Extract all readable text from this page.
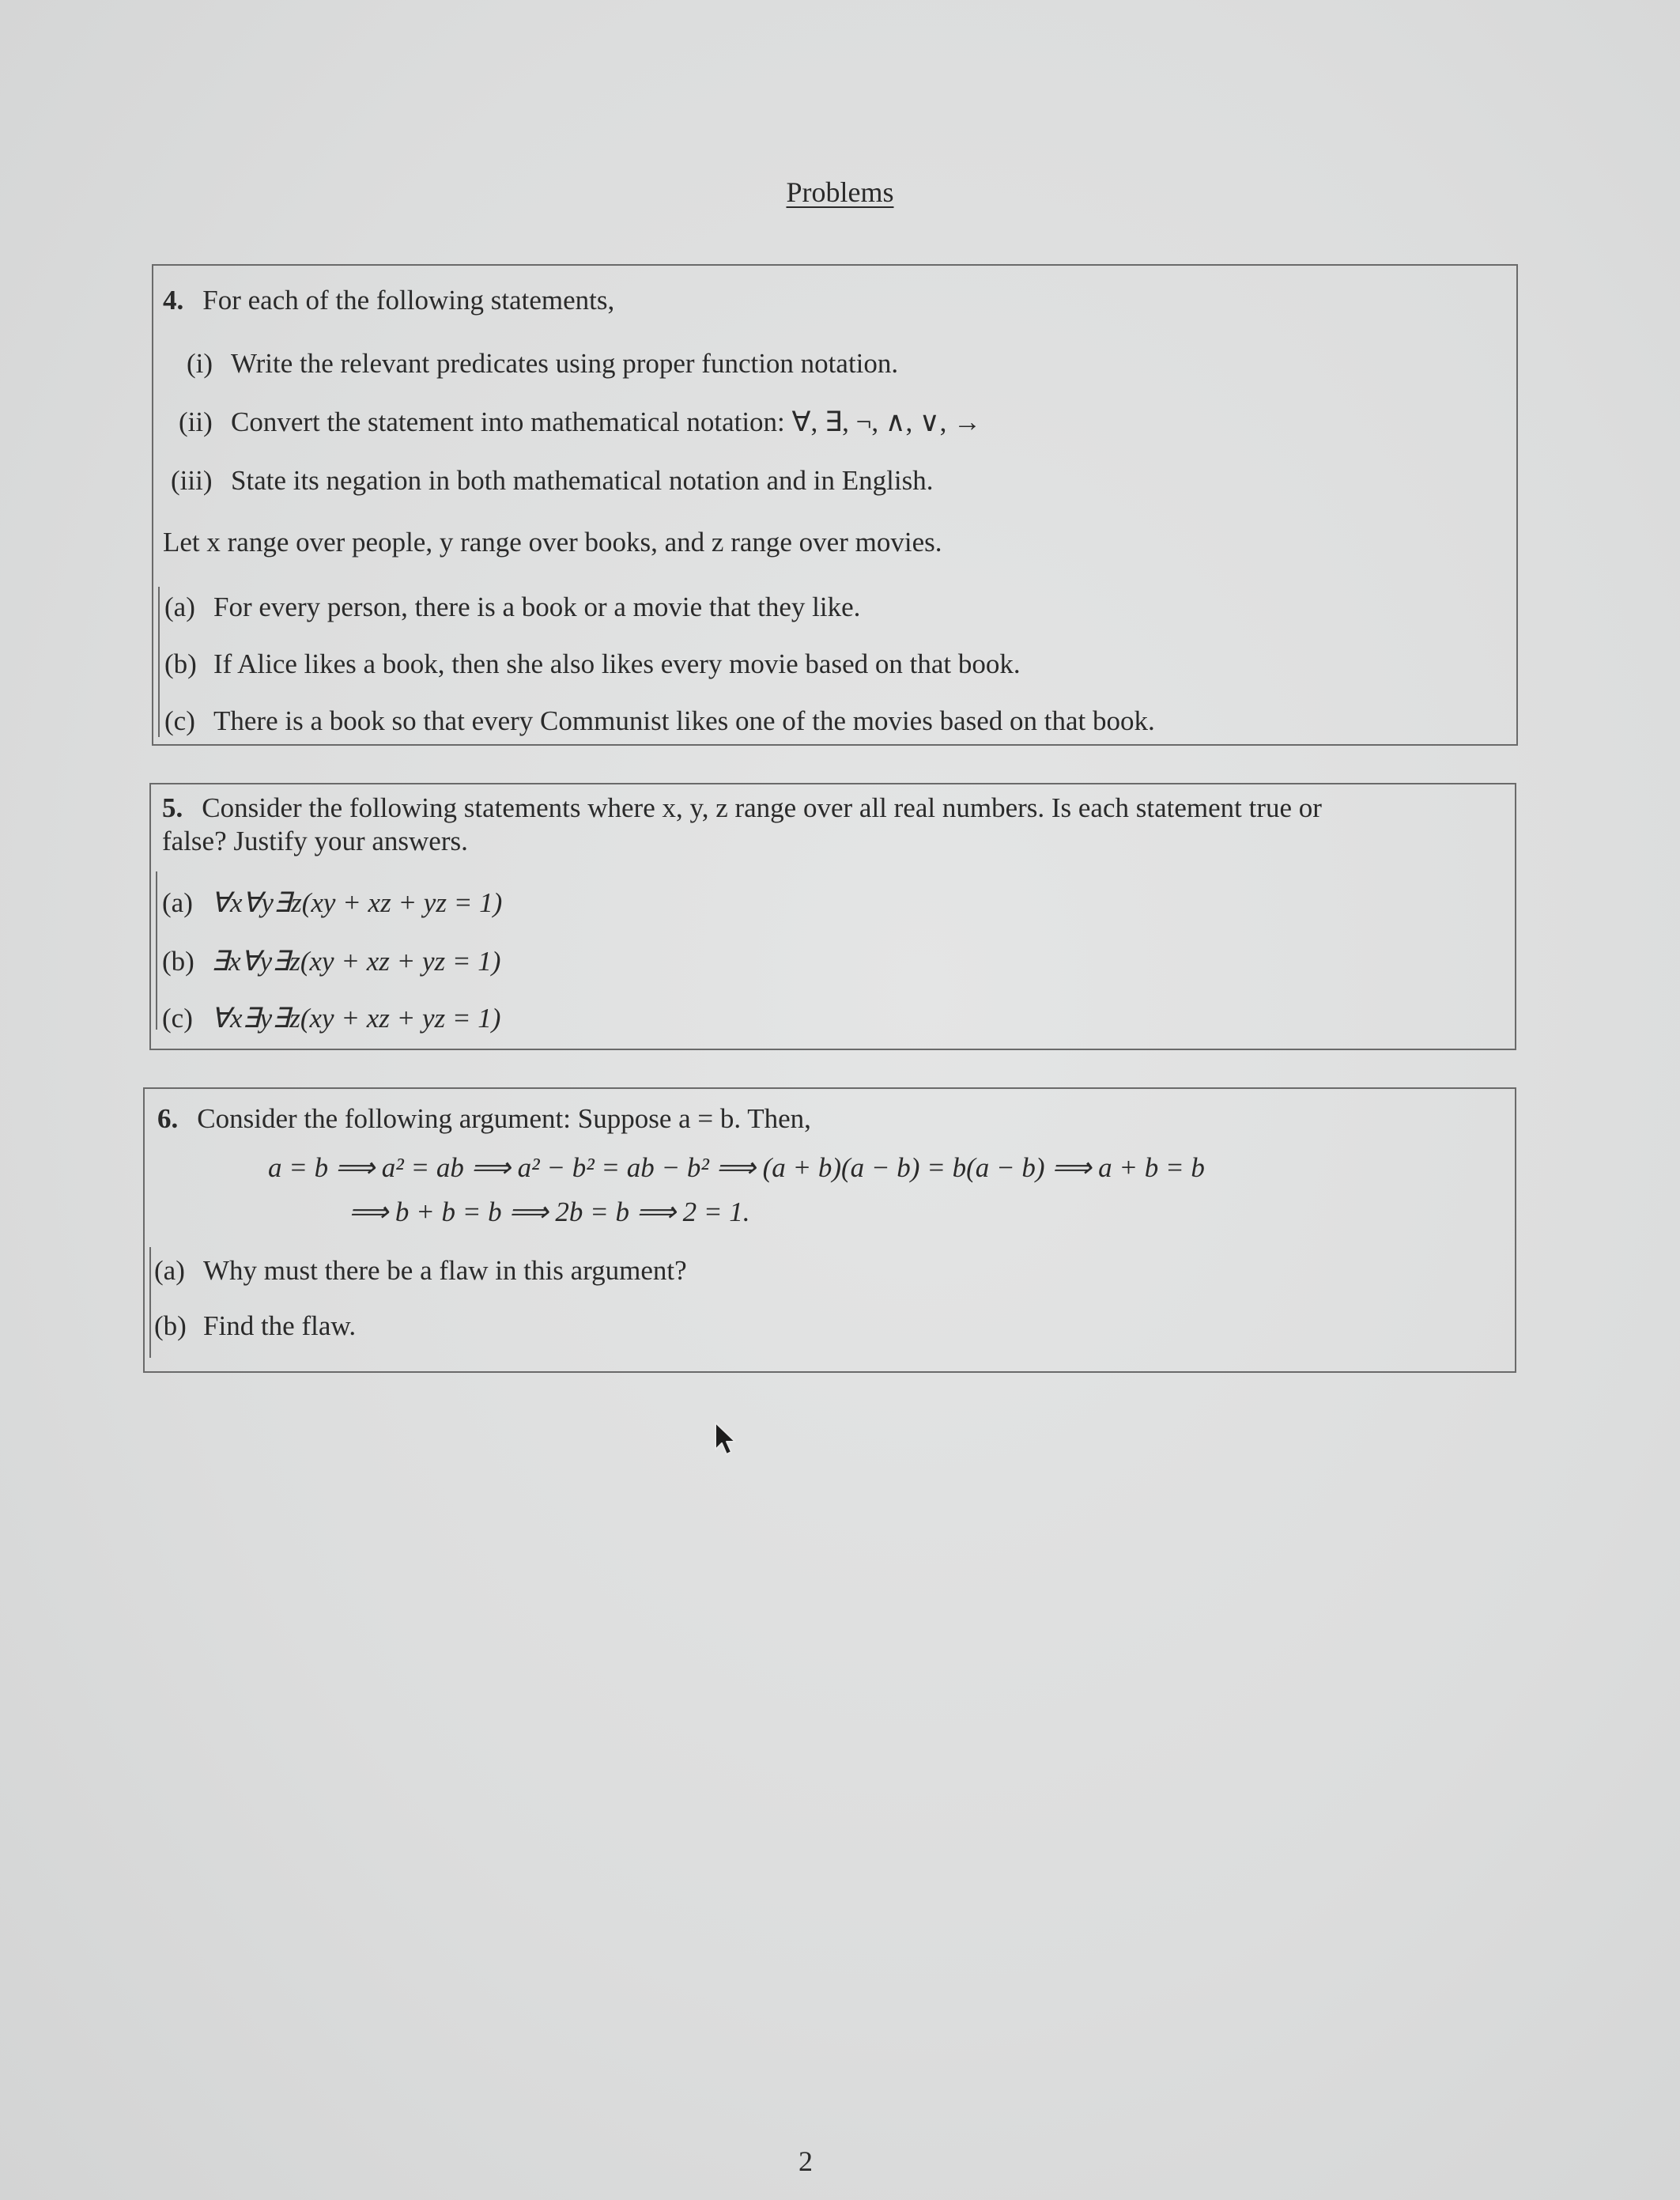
Problems
4. For each of the following statements,
(i) Write the relevant predicates using proper function notation.
(ii) Convert the statement into mathematical notation: ∀, ∃, ¬, ∧, ∨, →
(iii) State its negation in both mathematical notation and in English.
Let x range over people, y range over books, and z range over movies.
(a) For every person, there is a book or a movie that they like.
(b) If Alice likes a book, then she also likes every movie based on that book.
(c) There is a book so that every Communist likes one of the movies based on that book.
5. Consider the following statements where x, y, z range over all real numbers. Is each statement true or
false? Justify your answers.
(a) ∀x∀y∃z(xy + xz + yz = 1)
(b) ∃x∀y∃z(xy + xz + yz = 1)
(c) ∀x∃y∃z(xy + xz + yz = 1)
6. Consider the following argument: Suppose a = b. Then,
a = b ⟹ a² = ab ⟹ a² − b² = ab − b² ⟹ (a + b)(a − b) = b(a − b) ⟹ a + b = b
⟹ b + b = b ⟹ 2b = b ⟹ 2 = 1.
(a) Why must there be a flaw in this argument?
(b) Find the flaw.
2
